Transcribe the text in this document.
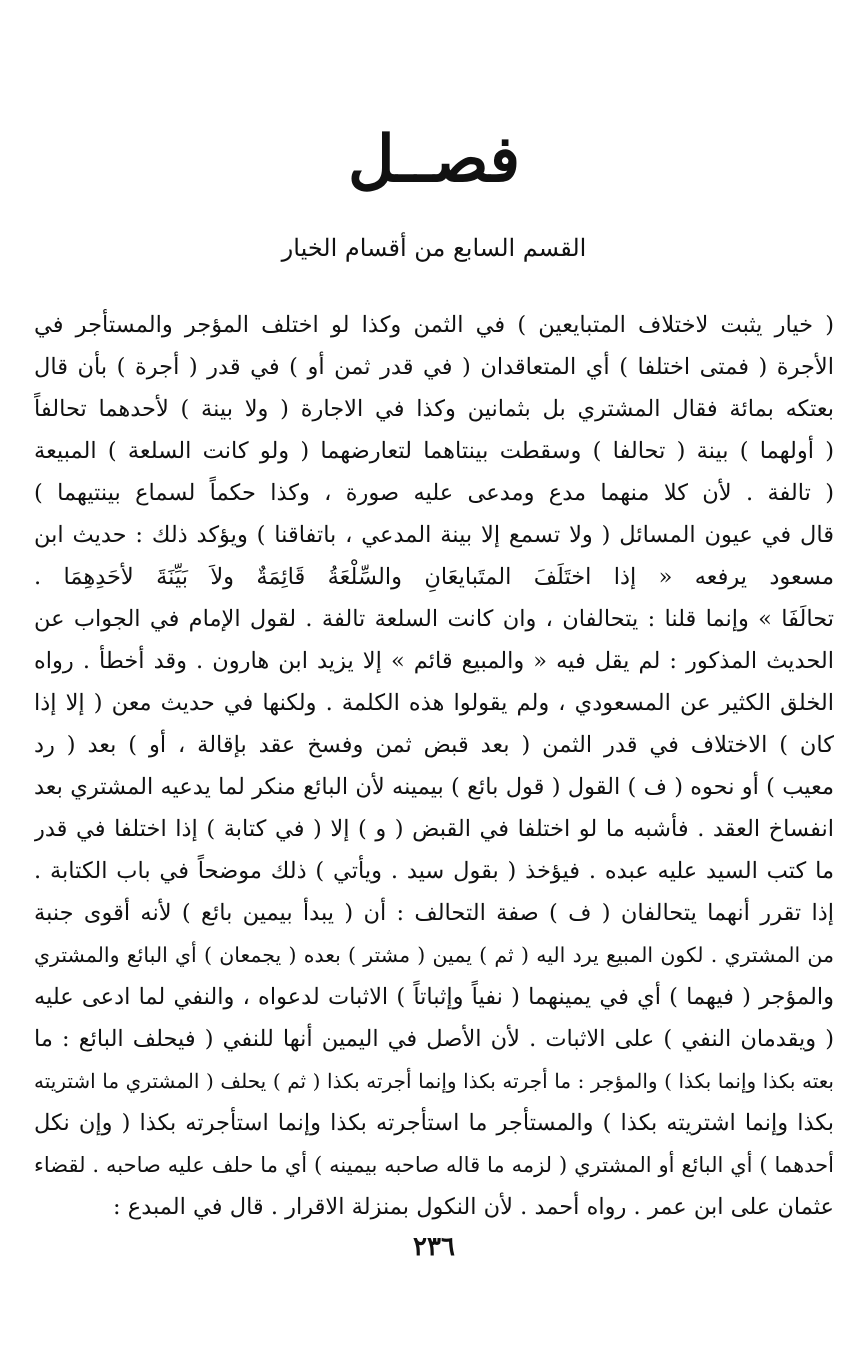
فصــل
القسم السابع من أقسام الخيار
( خيار يثبت لاختلاف المتبايعين ) في الثمن وكذا لو اختلف المؤجر والمستأجر في
الأجرة ( فمتى اختلفا ) أي المتعاقدان ( في قدر ثمن أو ) في قدر ( أجرة ) بأن قال
بعتكه بمائة فقال المشتري بل بثمانين وكذا في الاجارة ( ولا بينة ) لأحدهما تحالفاً
( أولهما ) بينة ( تحالفا ) وسقطت بينتاهما لتعارضهما ( ولو كانت السلعة ) المبيعة
( تالفة . لأن كلا منهما مدع ومدعى عليه صورة ، وكذا حكماً لسماع بينتيهما )
قال في عيون المسائل ( ولا تسمع إلا بينة المدعي ، باتفاقنا ) ويؤكد ذلك : حديث ابن
مسعود يرفعه « إذا اختَلَفَ المتَبايعَانِ والسِّلْعَةُ قَائِمَةٌ ولاَ بَيِّنَةَ لأحَدِهِمَا .
تحالَفَا » وإنما قلنا : يتحالفان ، وان كانت السلعة تالفة . لقول الإمام في الجواب عن
الحديث المذكور : لم يقل فيه « والمبيع قائم » إلا يزيد ابن هارون . وقد أخطأ . رواه
الخلق الكثير عن المسعودي ، ولم يقولوا هذه الكلمة . ولكنها في حديث معن ( إلا إذا
كان ) الاختلاف في قدر الثمن ( بعد قبض ثمن وفسخ عقد بإقالة ، أو ) بعد ( رد
معيب ) أو نحوه ( ف ) القول ( قول بائع ) بيمينه لأن البائع منكر لما يدعيه المشتري بعد
انفساخ العقد . فأشبه ما لو اختلفا في القبض ( و ) إلا ( في كتابة ) إذا اختلفا في قدر
ما كتب السيد عليه عبده . فيؤخذ ( بقول سيد . ويأتي ) ذلك موضحاً في باب الكتابة .
إذا تقرر أنهما يتحالفان ( ف ) صفة التحالف : أن ( يبدأ بيمين بائع ) لأنه أقوى جنبة
من المشتري . لكون المبيع يرد اليه ( ثم ) يمين ( مشتر ) بعده ( يجمعان ) أي البائع والمشتري
والمؤجر ( فيهما ) أي في يمينهما ( نفياً وإثباتاً ) الاثبات لدعواه ، والنفي لما ادعى عليه
( ويقدمان النفي ) على الاثبات . لأن الأصل في اليمين أنها للنفي ( فيحلف البائع : ما
بعته بكذا وإنما بكذا ) والمؤجر : ما أجرته بكذا وإنما أجرته بكذا ( ثم ) يحلف ( المشتري ما اشتريته
بكذا وإنما اشتريته بكذا ) والمستأجر ما استأجرته بكذا وإنما استأجرته بكذا ( وإن نكل
أحدهما ) أي البائع أو المشتري ( لزمه ما قاله صاحبه بيمينه ) أي ما حلف عليه صاحبه . لقضاء
عثمان على ابن عمر . رواه أحمد . لأن النكول بمنزلة الاقرار . قال في المبدع :
٢٣٦
